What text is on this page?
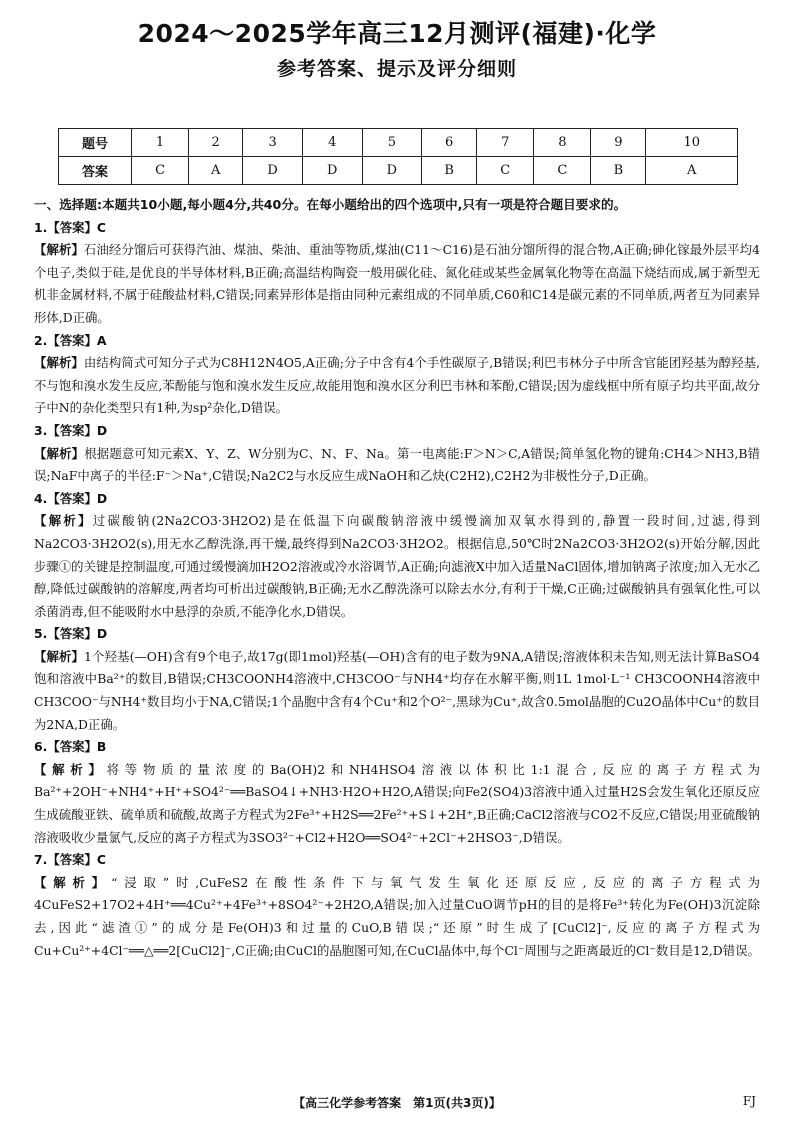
2024～2025学年高三12月测评(福建)·化学
参考答案、提示及评分细则
题号	1	2	3	4	5	6	7	8	9	10
答案	C	A	D	D	D	B	C	C	B	A

一、选择题:本题共10小题,每小题4分,共40分。在每小题给出的四个选项中,只有一项是符合题目要求的。

1.【答案】C

【解析】石油经分馏后可获得汽油、煤油、柴油、重油等物质,煤油(C11～C16)是石油分馏所得的混合物,A正确;砷化镓最外层平均4个电子,类似于硅,是优良的半导体材料,B正确;高温结构陶瓷一般用碳化硅、氮化硅或某些金属氧化物等在高温下烧结而成,属于新型无机非金属材料,不属于硅酸盐材料,C错误;同素异形体是指由同种元素组成的不同单质,C60和C14是碳元素的不同单质,两者互为同素异形体,D正确。

2.【答案】A

【解析】由结构简式可知分子式为C8H12N4O5,A正确;分子中含有4个手性碳原子,B错误;利巴韦林分子中所含官能团羟基为醇羟基,不与饱和溴水发生反应,苯酚能与饱和溴水发生反应,故能用饱和溴水区分利巴韦林和苯酚,C错误;因为虚线框中所有原子均共平面,故分子中N的杂化类型只有1种,为sp²杂化,D错误。

3.【答案】D

【解析】根据题意可知元素X、Y、Z、W分别为C、N、F、Na。第一电离能:F＞N＞C,A错误;简单氢化物的键角:CH4＞NH3,B错误;NaF中离子的半径:F⁻＞Na⁺,C错误;Na2C2与水反应生成NaOH和乙炔(C2H2),C2H2为非极性分子,D正确。

4.【答案】D

【解析】过碳酸钠(2Na2CO3·3H2O2)是在低温下向碳酸钠溶液中缓慢滴加双氧水得到的,静置一段时间,过滤,得到Na2CO3·3H2O2(s),用无水乙醇洗涤,再干燥,最终得到Na2CO3·3H2O2。根据信息,50℃时2Na2CO3·3H2O2(s)开始分解,因此步骤①的关键是控制温度,可通过缓慢滴加H2O2溶液或冷水浴调节,A正确;向滤液X中加入适量NaCl固体,增加钠离子浓度;加入无水乙醇,降低过碳酸钠的溶解度,两者均可析出过碳酸钠,B正确;无水乙醇洗涤可以除去水分,有利于干燥,C正确;过碳酸钠具有强氧化性,可以杀菌消毒,但不能吸附水中悬浮的杂质,不能净化水,D错误。

5.【答案】D

【解析】1个羟基(—OH)含有9个电子,故17g(即1mol)羟基(—OH)含有的电子数为9NA,A错误;溶液体积未告知,则无法计算BaSO4饱和溶液中Ba²⁺的数目,B错误;CH3COONH4溶液中,CH3COO⁻与NH4⁺均存在水解平衡,则1L 1mol·L⁻¹ CH3COONH4溶液中CH3COO⁻与NH4⁺数目均小于NA,C错误;1个晶胞中含有4个Cu⁺和2个O²⁻,黑球为Cu⁺,故含0.5mol晶胞的Cu2O晶体中Cu⁺的数目为2NA,D正确。

6.【答案】B

【解析】将等物质的量浓度的Ba(OH)2和NH4HSO4溶液以体积比1:1混合,反应的离子方程式为Ba²⁺+2OH⁻+NH4⁺+H⁺+SO4²⁻══BaSO4↓+NH3·H2O+H2O,A错误;向Fe2(SO4)3溶液中通入过量H2S会发生氧化还原反应生成硫酸亚铁、硫单质和硫酸,故离子方程式为2Fe³⁺+H2S══2Fe²⁺+S↓+2H⁺,B正确;CaCl2溶液与CO2不反应,C错误;用亚硫酸钠溶液吸收少量氯气,反应的离子方程式为3SO3²⁻+Cl2+H2O══SO4²⁻+2Cl⁻+2HSO3⁻,D错误。

7.【答案】C

【解析】“浸取”时,CuFeS2在酸性条件下与氧气发生氧化还原反应,反应的离子方程式为4CuFeS2+17O2+4H⁺══4Cu²⁺+4Fe³⁺+8SO4²⁻+2H2O,A错误;加入过量CuO调节pH的目的是将Fe³⁺转化为Fe(OH)3沉淀除去,因此“滤渣①”的成分是Fe(OH)3和过量的CuO,B错误;“还原”时生成了[CuCl2]⁻,反应的离子方程式为Cu+Cu²⁺+4Cl⁻══△══2[CuCl2]⁻,C正确;由CuCl的晶胞图可知,在CuCl晶体中,每个Cl⁻周围与之距离最近的Cl⁻数目是12,D错误。

【高三化学参考答案　第1页(共3页)】	FJ
